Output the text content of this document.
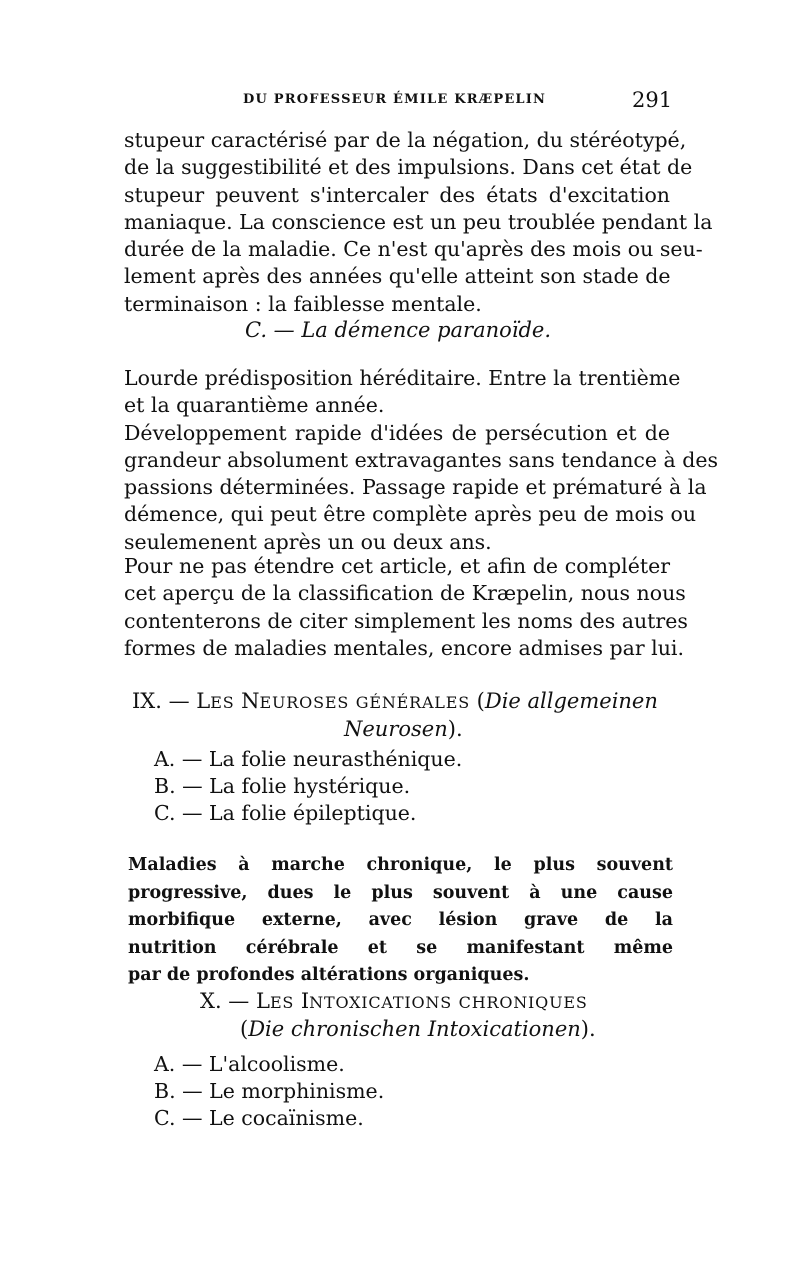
DU PROFESSEUR ÉMILE KRÆPELIN	291
stupeur caractérisé par de la négation, du stéréotypé,
de la suggestibilité et des impulsions. Dans cet état de
stupeur peuvent s'intercaler des états d'excitation
maniaque. La conscience est un peu troublée pendant la
durée de la maladie. Ce n'est qu'après des mois ou seu-
lement après des années qu'elle atteint son stade de
terminaison : la faiblesse mentale.
C. — La démence paranoïde.
Lourde prédisposition héréditaire. Entre la trentième
et la quarantième année.
Développement rapide d'idées de persécution et de
grandeur absolument extravagantes sans tendance à des
passions déterminées. Passage rapide et prématuré à la
démence, qui peut être complète après peu de mois ou
seulemenent après un ou deux ans.
Pour ne pas étendre cet article, et afin de compléter
cet aperçu de la classification de Kræpelin, nous nous
contenterons de citer simplement les noms des autres
formes de maladies mentales, encore admises par lui.
IX. — LES NEUROSES GÉNÉRALES (Die allgemeinen
Neurosen).
A. — La folie neurasthénique.
B. — La folie hystérique.
C. — La folie épileptique.
Maladies à marche chronique, le plus souvent
progressive, dues le plus souvent à une cause
morbifique externe, avec lésion grave de la
nutrition cérébrale et se manifestant même
par de profondes altérations organiques.
X. — LES INTOXICATIONS CHRONIQUES
(Die chronischen Intoxicationen).
A. — L'alcoolisme.
B. — Le morphinisme.
C. — Le cocaïnisme.
